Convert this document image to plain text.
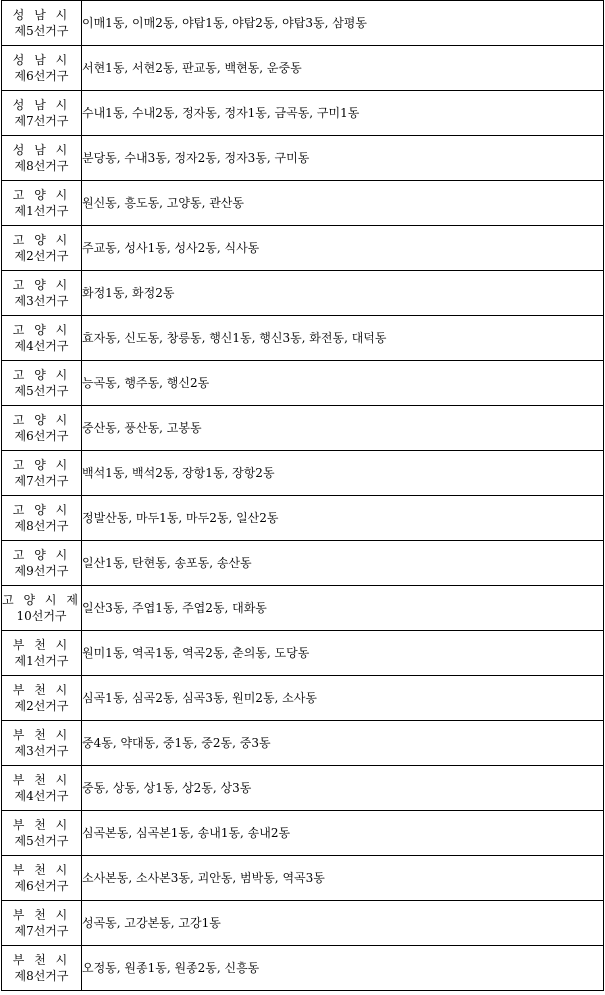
성 남 시
제5선거구	이매1동, 이매2동, 야탑1동, 야탑2동, 야탑3동, 삼평동

성 남 시
제6선거구	서현1동, 서현2동, 판교동, 백현동, 운중동

성 남 시
제7선거구	수내1동, 수내2동, 정자동, 정자1동, 금곡동, 구미1동

성 남 시
제8선거구	분당동, 수내3동, 정자2동, 정자3동, 구미동

고 양 시
제1선거구	원신동, 흥도동, 고양동, 관산동

고 양 시
제2선거구	주교동, 성사1동, 성사2동, 식사동

고 양 시
제3선거구	화정1동, 화정2동

고 양 시
제4선거구	효자동, 신도동, 창릉동, 행신1동, 행신3동, 화전동, 대덕동

고 양 시
제5선거구	능곡동, 행주동, 행신2동

고 양 시
제6선거구	중산동, 풍산동, 고봉동

고 양 시
제7선거구	백석1동, 백석2동, 장항1동, 장항2동

고 양 시
제8선거구	정발산동, 마두1동, 마두2동, 일산2동

고 양 시
제9선거구	일산1동, 탄현동, 송포동, 송산동

고 양 시 제
10선거구	일산3동, 주엽1동, 주엽2동, 대화동

부 천 시
제1선거구	원미1동, 역곡1동, 역곡2동, 춘의동, 도당동

부 천 시
제2선거구	심곡1동, 심곡2동, 심곡3동, 원미2동, 소사동

부 천 시
제3선거구	중4동, 약대동, 중1동, 중2동, 중3동

부 천 시
제4선거구	중동, 상동, 상1동, 상2동, 상3동

부 천 시
제5선거구	심곡본동, 심곡본1동, 송내1동, 송내2동

부 천 시
제6선거구	소사본동, 소사본3동, 괴안동, 범박동, 역곡3동

부 천 시
제7선거구	성곡동, 고강본동, 고강1동

부 천 시
제8선거구	오정동, 원종1동, 원종2동, 신흥동
